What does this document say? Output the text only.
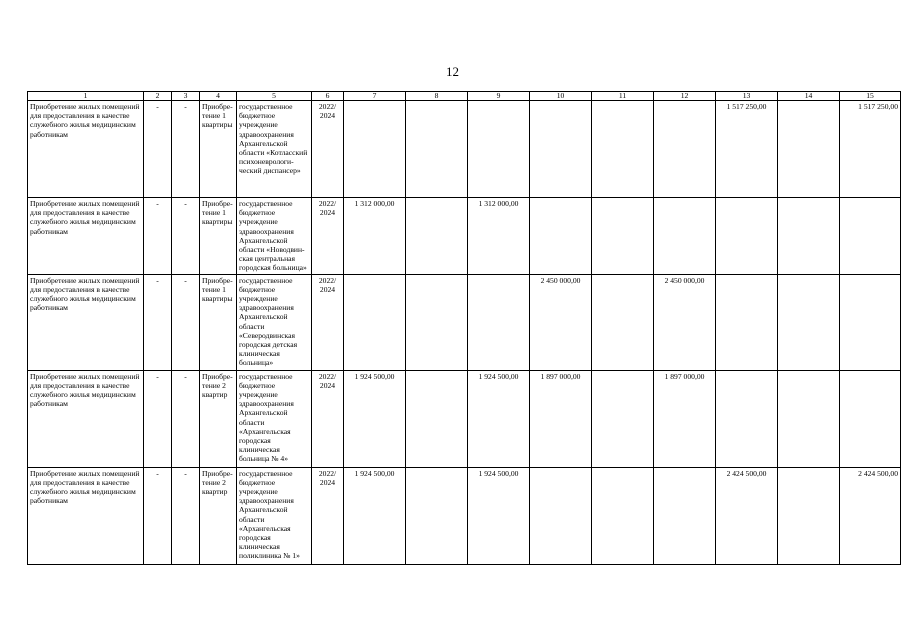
12
1	2	3	4	5	6	7	8	9	10	11	12	13	14	15
Приобретение жилых помещений для предоставления в качестве служебного жилья медицинским работникам	-	-	Приобре-тение 1 квартиры	государственное бюджетное учреждение здравоохранения Архангельской области «Котласский психоневрологи-ческий диспансер»	2022/ 2024							1 517 250,00		1 517 250,00
Приобретение жилых помещений для предоставления в качестве служебного жилья медицинским работникам	-	-	Приобре-тение 1 квартиры	государственное бюджетное учреждение здравоохранения Архангельской области «Новодвин-ская центральная городская больница»	2022/ 2024	1 312 000,00		1 312 000,00						
Приобретение жилых помещений для предоставления в качестве служебного жилья медицинским работникам	-	-	Приобре-тение 1 квартиры	государственное бюджетное учреждение здравоохранения Архангельской области «Северодвинская городская детская клиническая больница»	2022/ 2024				2 450 000,00		2 450 000,00			
Приобретение жилых помещений для предоставления в качестве служебного жилья медицинским работникам	-	-	Приобре-тение 2 квартир	государственное бюджетное учреждение здравоохранения Архангельской области «Архангельская городская клиническая больница № 4»	2022/ 2024	1 924 500,00		1 924 500,00	1 897 000,00		1 897 000,00			
Приобретение жилых помещений для предоставления в качестве служебного жилья медицинским работникам	-	-	Приобре-тение 2 квартир	государственное бюджетное учреждение здравоохранения Архангельской области «Архангельская городская клиническая поликлиника № 1»	2022/ 2024	1 924 500,00		1 924 500,00				2 424 500,00		2 424 500,00
